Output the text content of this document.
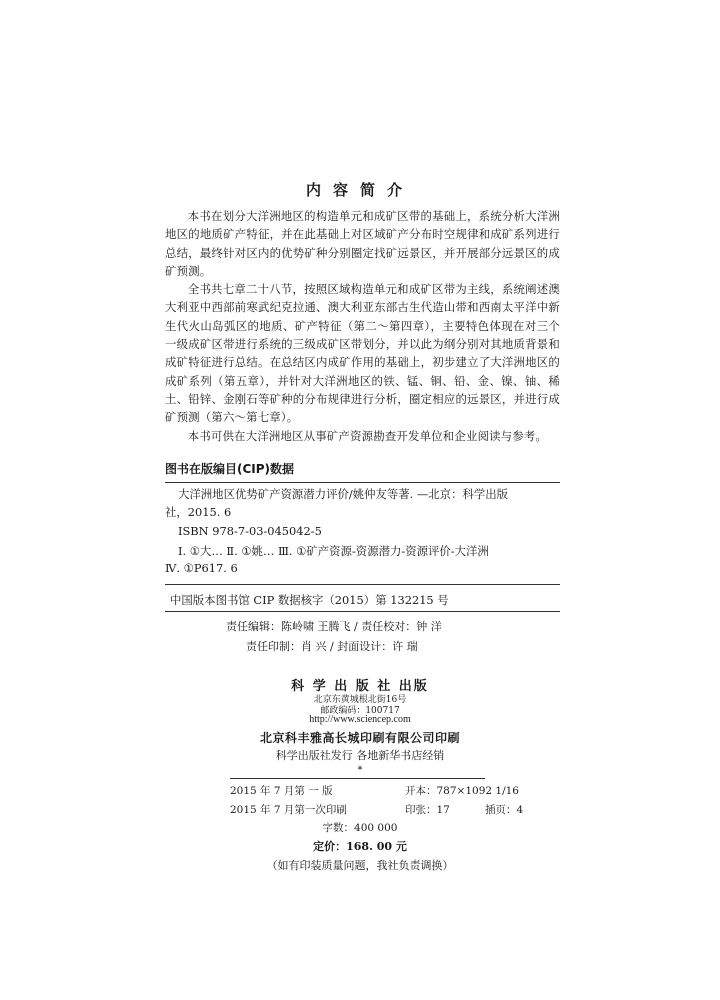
内容简介

本书在划分大洋洲地区的构造单元和成矿区带的基础上，系统分析大洋洲地区的地质矿产特征，并在此基础上对区域矿产分布时空规律和成矿系列进行总结，最终针对区内的优势矿种分别圈定找矿远景区，并开展部分远景区的成矿预测。

全书共七章二十八节，按照区域构造单元和成矿区带为主线，系统阐述澳大利亚中西部前寒武纪克拉通、澳大利亚东部古生代造山带和西南太平洋中新生代火山岛弧区的地质、矿产特征（第二～第四章），主要特色体现在对三个一级成矿区带进行系统的三级成矿区带划分，并以此为纲分别对其地质背景和成矿特征进行总结。在总结区内成矿作用的基础上，初步建立了大洋洲地区的成矿系列（第五章），并针对大洋洲地区的铁、锰、铜、铅、金、镍、铀、稀土、铅锌、金刚石等矿种的分布规律进行分析，圈定相应的远景区，并进行成矿预测（第六～第七章）。

本书可供在大洋洲地区从事矿产资源勘查开发单位和企业阅读与参考。

图书在版编目(CIP)数据
大洋洲地区优势矿产资源潜力评价/姚仲友等著. —北京：科学出版
社，2015. 6
ISBN 978-7-03-045042-5
Ⅰ. ①大… Ⅱ. ①姚… Ⅲ. ①矿产资源-资源潜力-资源评价-大洋洲
Ⅳ. ①P617. 6
中国版本图书馆 CIP 数据核字（2015）第 132215 号
责任编辑：陈岭啸 王腾飞 / 责任校对：钟 洋
责任印制：肖 兴 / 封面设计：许 瑞
科 学 出 版 社 出版
北京东黄城根北街16号
邮政编码：100717
http://www.sciencep.com
北京科丰雅高长城印刷有限公司印刷
科学出版社发行 各地新华书店经销
*
2015 年 7 月第 一 版	开本：787×1092 1/16
2015 年 7 月第一次印刷	印张：17	插页：4
字数：400 000
定价：168. 00 元
（如有印装质量问题，我社负责调换）
